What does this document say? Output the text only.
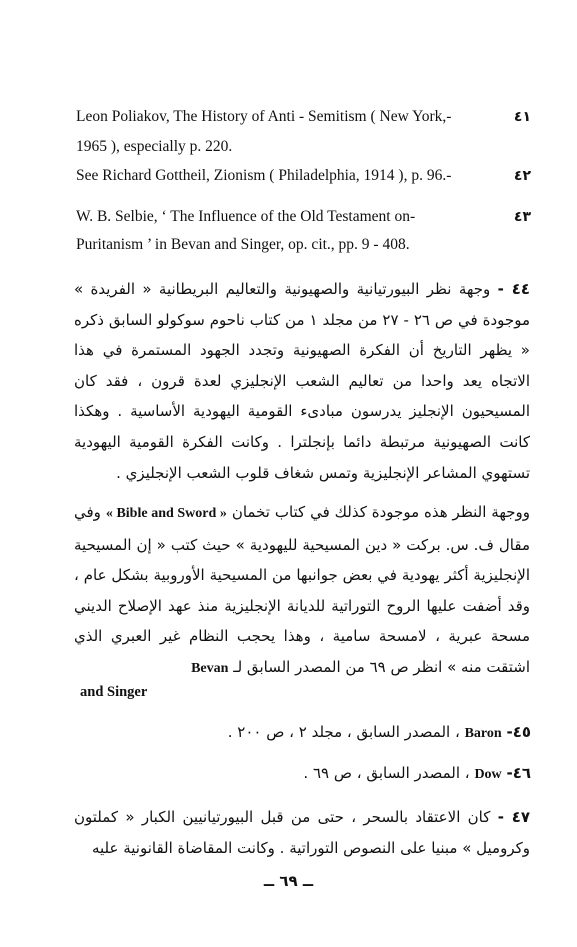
Leon Poliakov, The History of Anti - Semitism ( New York,-	٤١
1965 ), especially p. 220.
See Richard Gottheil, Zionism ( Philadelphia, 1914 ), p. 96.-	٤٢
W. B. Selbie, ‘ The Influence of the Old Testament on-	٤٣
Puritanism ’ in Bevan and Singer, op. cit., pp. 9 - 408.
٤٤ - وجهة نظر البيورتيانية والصهيونية والتعاليم البريطانية « الفريدة » موجودة في ص ٢٦ - ٢٧ من مجلد ١ من كتاب ناحوم سوكولو السابق ذكره « يظهر التاريخ أن الفكرة الصهيونية وتجدد الجهود المستمرة في هذا الاتجاه يعد واحدا من تعاليم الشعب الإنجليزي لعدة قرون ، فقد كان المسيحيون الإنجليز يدرسون مبادىء القومية اليهودية الأساسية . وهكذا كانت الصهيونية مرتبطة دائما بإنجلترا . وكانت الفكرة القومية اليهودية تستهوي المشاعر الإنجليزية وتمس شغاف قلوب الشعب الإنجليزي .
ووجهة النظر هذه موجودة كذلك في كتاب تخمان « Bible and Sword » وفي مقال ف. س. بركت « دين المسيحية لليهودية » حيث كتب « إن المسيحية الإنجليزية أكثر يهودية في بعض جوانبها من المسيحية الأوروبية بشكل عام ، وقد أضفت عليها الروح التوراتية للديانة الإنجليزية منذ عهد الإصلاح الديني مسحة عبرية ، لامسحة سامية ، وهذا يحجب النظام غير العبري الذي اشتقت منه » انظر ص ٦٩ من المصدر السابق لـ Bevan
and Singer
٤٥- Baron ، المصدر السابق ، مجلد ٢ ، ص ٢٠٠ .
٤٦- Dow ، المصدر السابق ، ص ٦٩ .
٤٧ - كان الاعتقاد بالسحر ، حتى من قبل البيورتيانيين الكبار « كملتون وكروميل » مبنيا على النصوص التوراتية . وكانت المقاضاة القانونية عليه
ــ ٦٩ ــ
